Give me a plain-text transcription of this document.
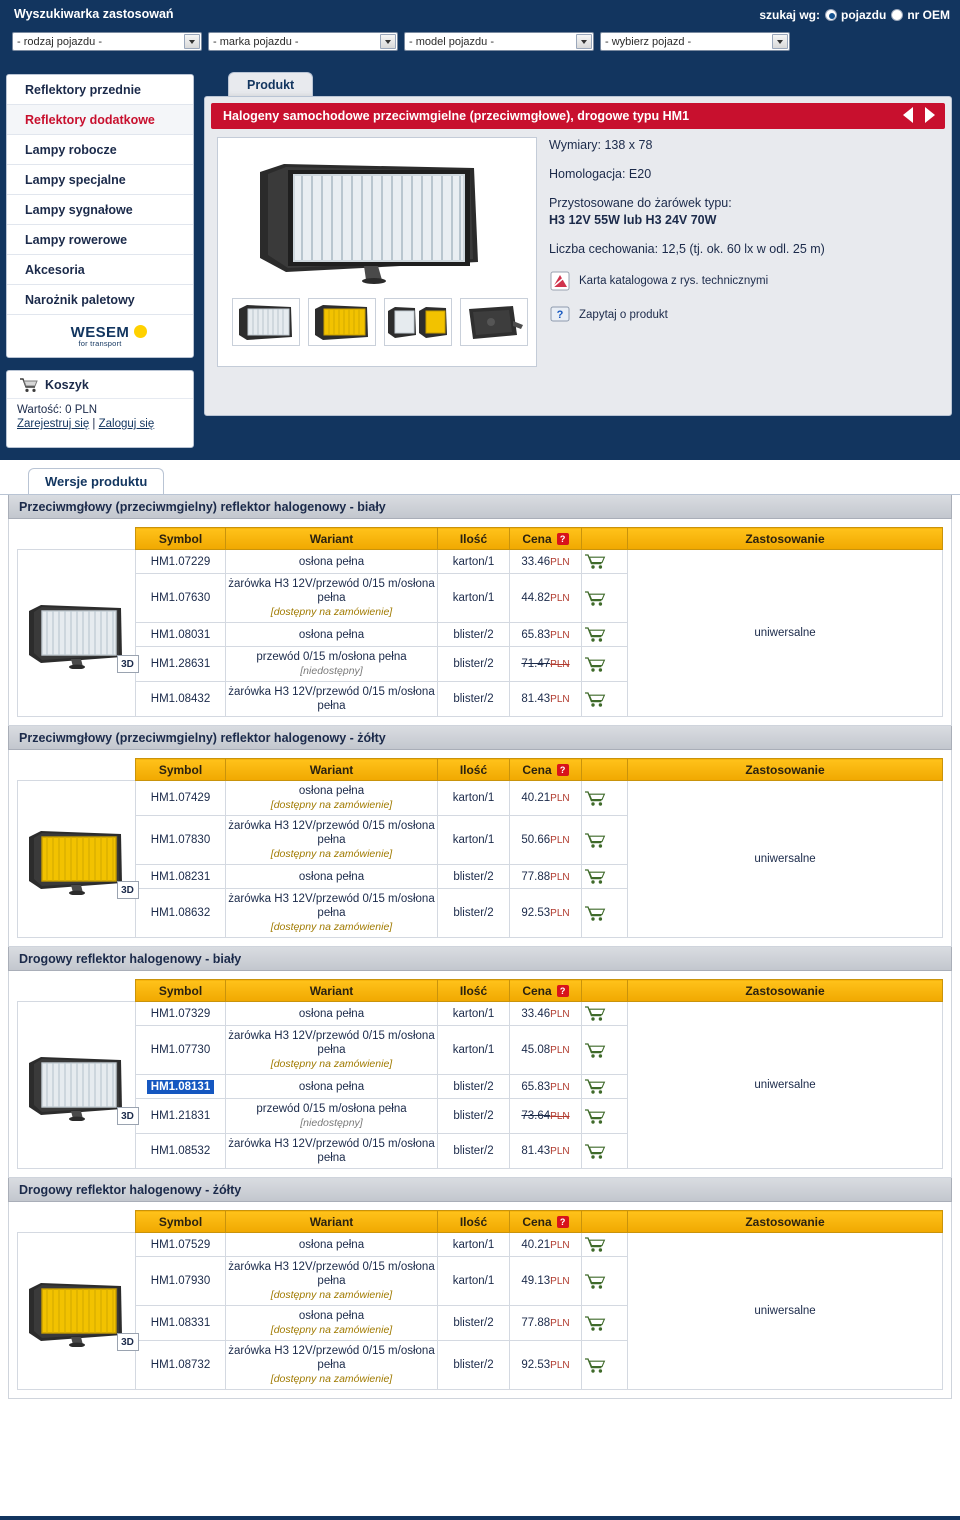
Wyszukiwarka zastosowań	szukaj wg: pojazdu nr OEM
- rodzaj pojazdu -	- marka pojazdu -	- model pojazdu -	- wybierz pojazd -
Reflektory przednie
Reflektory dodatkowe
Lampy robocze
Lampy specjalne
Lampy sygnałowe
Lampy rowerowe
Akcesoria
Narożnik paletowy
WESEM
for transport
Koszyk
Wartość: 0 PLN
Zarejestruj się | Zaloguj się
Produkt
Halogeny samochodowe przeciwmgielne (przeciwmgłowe), drogowe typu HM1
Wymiary: 138 x 78
Homologacja: E20
Przystosowane do żarówek typu:
H3 12V 55W lub H3 24V 70W
Liczba cechowania: 12,5 (tj. ok. 60 lx w odl. 25 m)
Karta katalogowa z rys. technicznymi
? Zapytaj o produkt
Wersje produktu
Przeciwmgłowy (przeciwmgielny) reflektor halogenowy - biały
	Symbol	Wariant	Ilość	Cena ?		Zastosowanie

3D	HM1.07229	osłona pełna	karton/1	33.46PLN		uniwersalne
	HM1.07630	żarówka H3 12V/przewód 0/15 m/osłona pełna
[dostępny na zamówienie]	karton/1	44.82PLN	

	HM1.08031	osłona pełna	blister/2	65.83PLN	

	HM1.28631	przewód 0/15 m/osłona pełna
[niedostępny]	blister/2	71.47PLN	

	HM1.08432	żarówka H3 12V/przewód 0/15 m/osłona pełna	blister/2	81.43PLN	
Przeciwmgłowy (przeciwmgielny) reflektor halogenowy - żółty
	Symbol	Wariant	Ilość	Cena ?		Zastosowanie

3D	HM1.07429	osłona pełna
[dostępny na zamówienie]	karton/1	40.21PLN		uniwersalne
	HM1.07830	żarówka H3 12V/przewód 0/15 m/osłona pełna
[dostępny na zamówienie]	karton/1	50.66PLN	

	HM1.08231	osłona pełna	blister/2	77.88PLN	

	HM1.08632	żarówka H3 12V/przewód 0/15 m/osłona pełna
[dostępny na zamówienie]	blister/2	92.53PLN	
Drogowy reflektor halogenowy - biały
	Symbol	Wariant	Ilość	Cena ?		Zastosowanie

3D	HM1.07329	osłona pełna	karton/1	33.46PLN		uniwersalne
	HM1.07730	żarówka H3 12V/przewód 0/15 m/osłona pełna
[dostępny na zamówienie]	karton/1	45.08PLN	

	HM1.08131	osłona pełna	blister/2	65.83PLN	

	HM1.21831	przewód 0/15 m/osłona pełna
[niedostępny]	blister/2	73.64PLN	

	HM1.08532	żarówka H3 12V/przewód 0/15 m/osłona pełna	blister/2	81.43PLN	
Drogowy reflektor halogenowy - żółty
	Symbol	Wariant	Ilość	Cena ?		Zastosowanie

3D	HM1.07529	osłona pełna	karton/1	40.21PLN		uniwersalne
	HM1.07930	żarówka H3 12V/przewód 0/15 m/osłona pełna
[dostępny na zamówienie]	karton/1	49.13PLN	

	HM1.08331	osłona pełna
[dostępny na zamówienie]	blister/2	77.88PLN	

	HM1.08732	żarówka H3 12V/przewód 0/15 m/osłona pełna
[dostępny na zamówienie]	blister/2	92.53PLN	
